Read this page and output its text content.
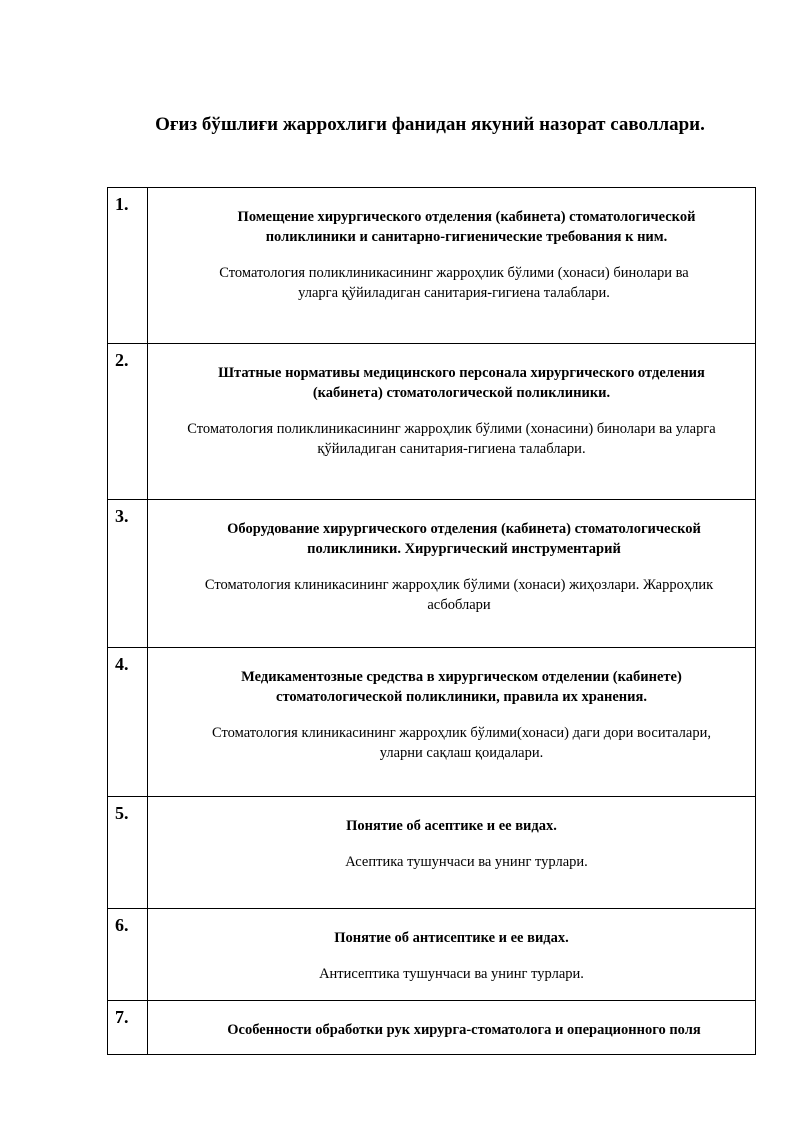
Оғиз бўшлиғи жаррохлиги фанидан якуний назорат саволлари.
1.	Помещение хирургического отделения (кабинета) стоматологической поликлиники и санитарно-гигиенические требования к ним.

Стоматология поликлиникасининг жарроҳлик бўлими (хонаси) бинолари ва уларга қўйиладиган санитария-гигиена талаблари.

2.	Штатные нормативы медицинского персонала хирургического отделения (кабинета) стоматологической поликлиники.

Стоматология поликлиникасининг жарроҳлик бўлими (хонасини) бинолари ва уларга қўйиладиган санитария-гигиена талаблари.

3.	Оборудование хирургического отделения (кабинета) стоматологической поликлиники. Хирургический инструментарий

Стоматология клиникасининг жарроҳлик бўлими (хонаси) жиҳозлари. Жарроҳлик асбоблари

4.	Медикаментозные средства в хирургическом отделении (кабинете) стоматологической поликлиники, правила их хранения.

Стоматология клиникасининг жарроҳлик бўлими(хонаси) даги дори воситалари, уларни сақлаш қоидалари.

5.	Понятие об асептике и ее видах.

Асептика тушунчаси ва унинг турлари.

6.	Понятие об антисептике и ее видах.

Антисептика тушунчаси ва унинг турлари.

7.	Особенности обработки рук хирурга-стоматолога и операционного поля
